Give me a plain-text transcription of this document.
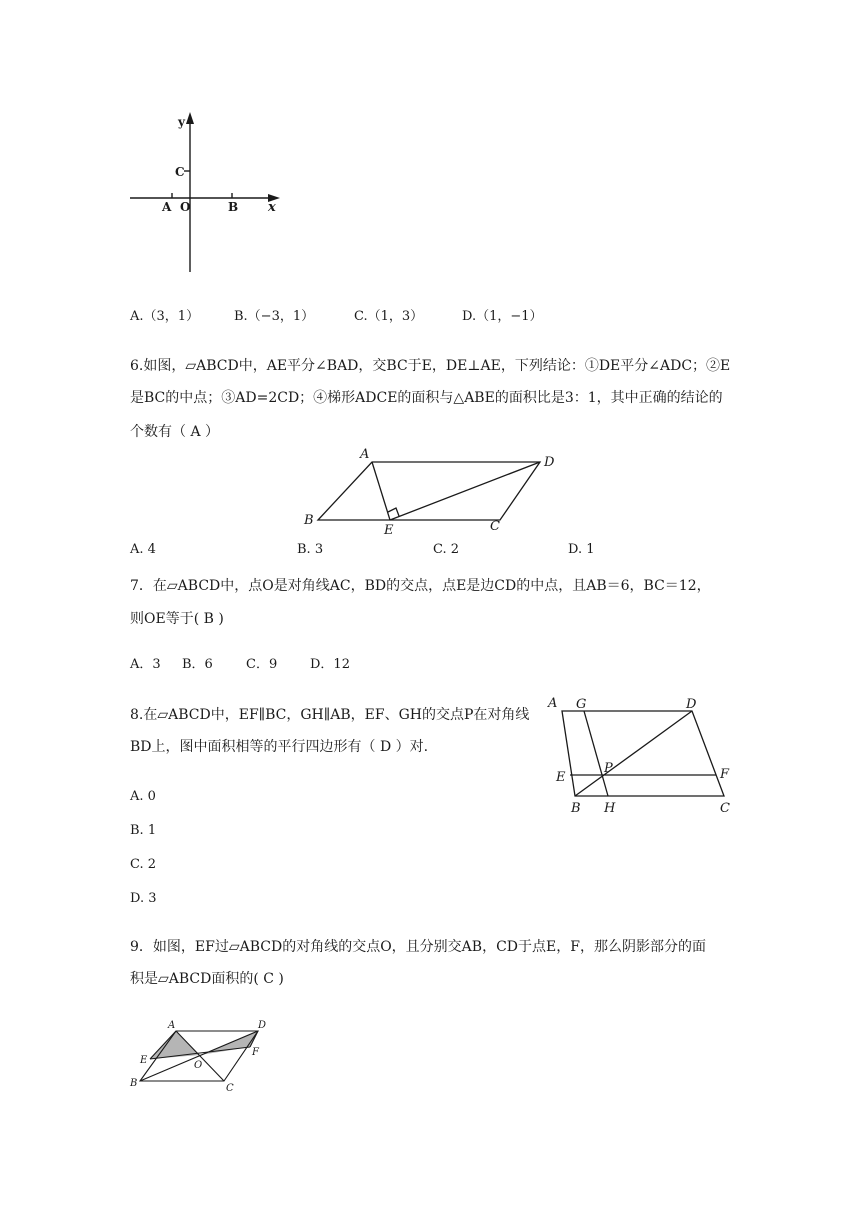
y
C
A O	B x
A.（3，1）	B.（−3，1）	C.（1，3）	D.（1，−1）
6.如图，▱ABCD中，AE平分∠BAD，交BC于E，DE⊥AE，下列结论：①DE平分∠ADC；②E
是BC的中点；③AD=2CD；④梯形ADCE的面积与△ABE的面积比是3：1，其中正确的结论的
个数有（ A ）
A
D
B
E	C
A. 4	B. 3	C. 2	D. 1
7．在▱ABCD中，点O是对角线AC，BD的交点，点E是边CD的中点，且AB＝6，BC＝12，
则OE等于( B )
A．3 B．6	C．9	D．12
8.在▱ABCD中，EF∥BC，GH∥AB，EF、GH的交点P在对角线
BD上，图中面积相等的平行四边形有（ D ）对.
A G	D
E
P	F
B H	C
A. 0
B. 1
C. 2
D. 3
9．如图，EF过▱ABCD的对角线的交点O，且分别交AB，CD于点E，F，那么阴影部分的面
积是▱ABCD面积的( C )
A	D
E
F
O
B	C
